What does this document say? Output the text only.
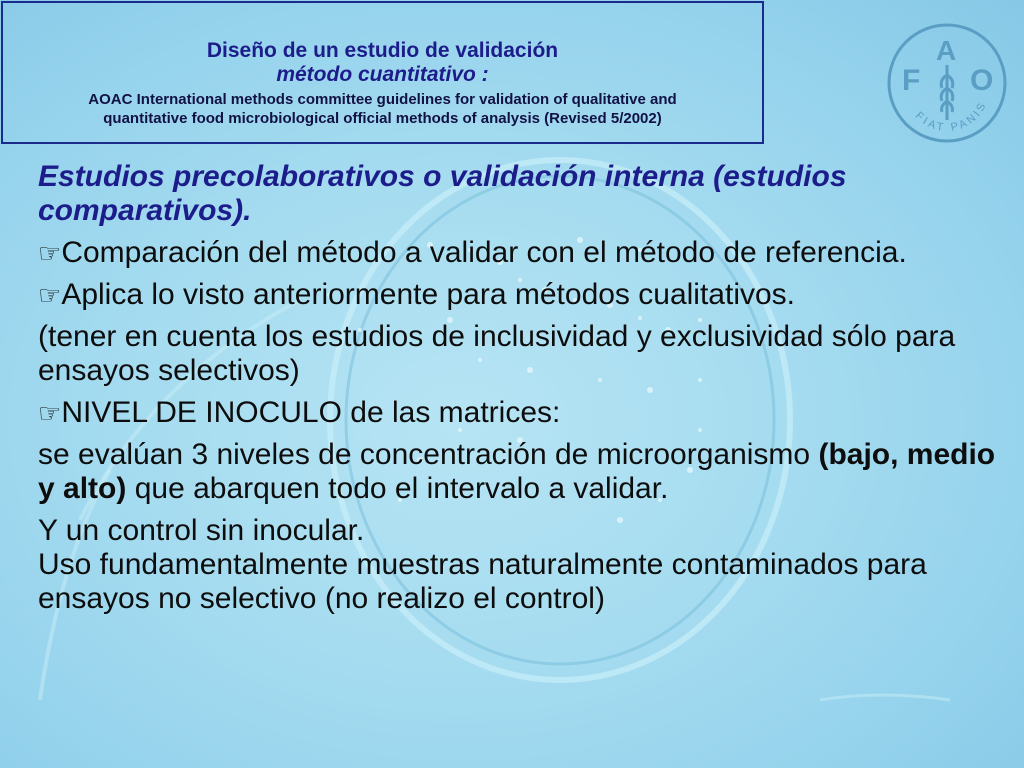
Diseño de un estudio de validación
método cuantitativo :
AOAC International methods committee guidelines for validation of qualitative and
quantitative food microbiological official methods of analysis (Revised 5/2002)
F
A
O
FIAT PANIS

Estudios precolaborativos o validación interna (estudios comparativos).

☞Comparación del método a validar con el método de referencia.

☞Aplica lo visto anteriormente para métodos cualitativos.

(tener en cuenta los estudios de inclusividad y exclusividad sólo para ensayos selectivos)

☞NIVEL DE INOCULO de las matrices:

se evalúan 3 niveles de concentración de microorganismo (bajo, medio y alto) que abarquen todo el intervalo a validar.

Y un control sin inocular.

Uso fundamentalmente muestras naturalmente contaminados para ensayos no selectivo (no realizo el control)
